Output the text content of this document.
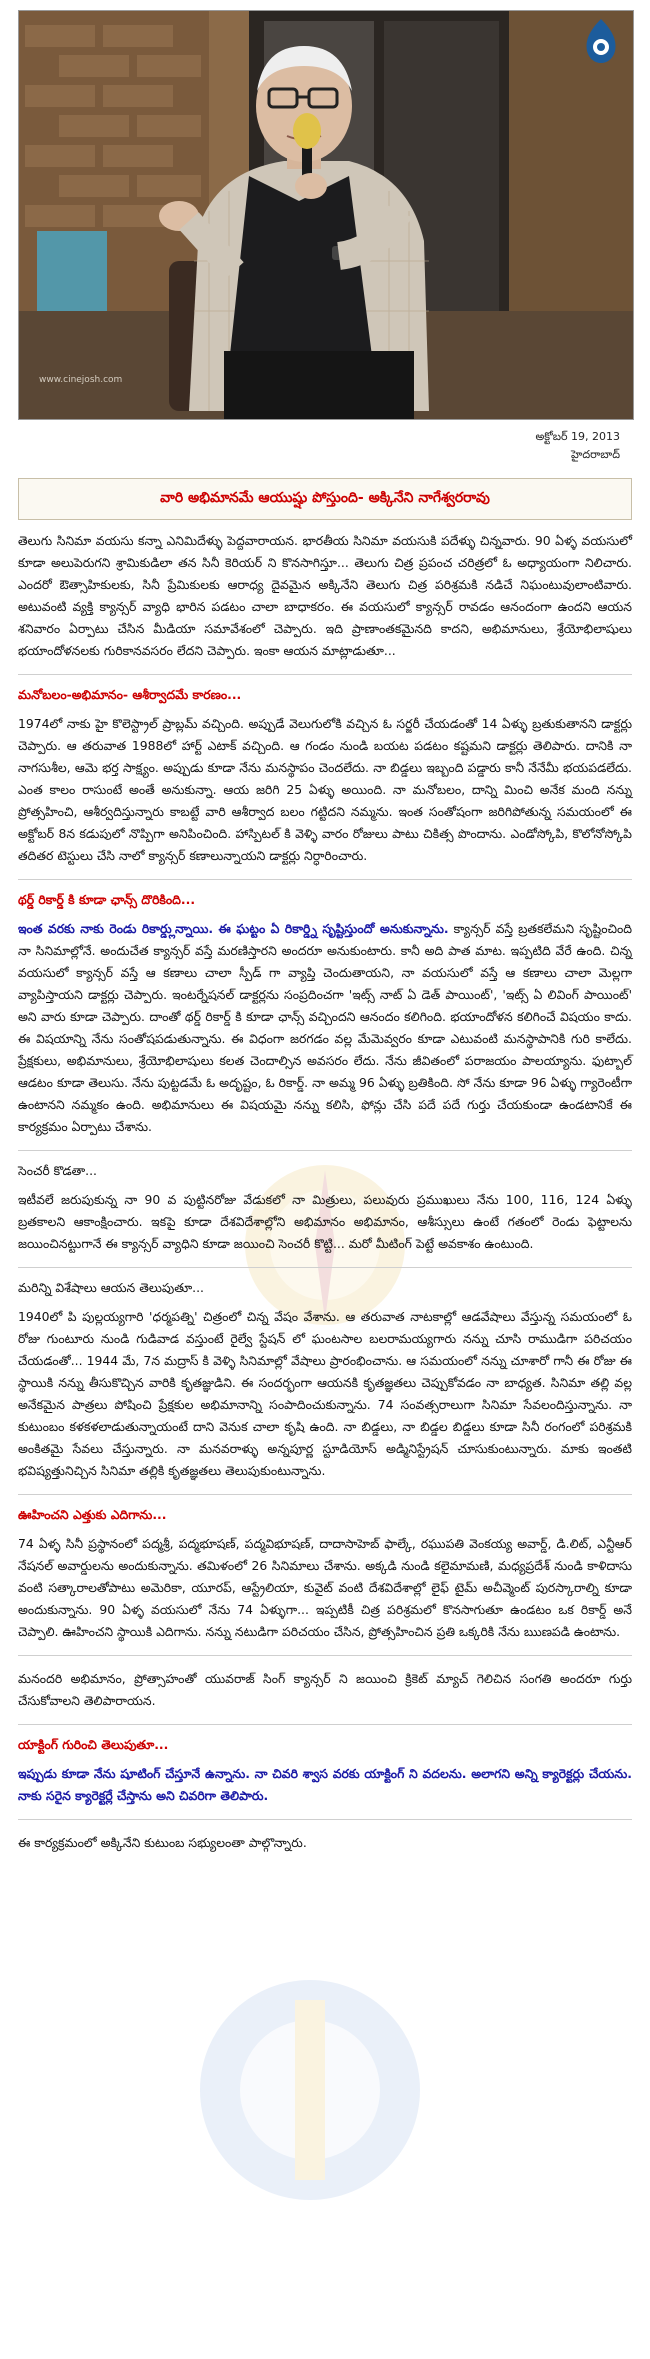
www.cinejosh.com
అక్టోబర్ 19, 2013
హైదరాబాద్
వారి అభిమానమే ఆయుష్షు పోస్తుంది- అక్కినేని నాగేశ్వరరావు

తెలుగు సినిమా వయసు కన్నా ఎనిమిదేళ్ళు పెద్దవారాయన. భారతీయ సినిమా వయసుకి పదేళ్ళు చిన్నవారు. 90 ఏళ్ళ వయసులో కూడా అలుపెరుగని శ్రామికుడిలా తన సినీ కెరియర్ ని కొనసాగిస్తూ... తెలుగు చిత్ర ప్రపంచ చరిత్రలో ఓ అధ్యాయంగా నిలిచారు. ఎందరో ఔత్సాహికులకు, సినీ ప్రేమికులకు ఆరాధ్య దైవమైన అక్కినేని తెలుగు చిత్ర పరిశ్రమకి నడిచే నిఘంటువులాంటివారు. అటువంటి వ్యక్తి క్యాన్సర్ వ్యాధి భారిన పడటం చాలా బాధాకరం. ఈ వయసులో క్యాన్సర్ రావడం ఆనందంగా ఉందని ఆయన శనివారం ఏర్పాటు చేసిన మీడియా సమావేశంలో చెప్పారు. ఇది ప్రాణాంతకమైనది కాదని, అభిమానులు, శ్రేయోభిలాషులు భయాందోళనలకు గురికానవసరం లేదని చెప్పారు. ఇంకా ఆయన మాట్లాడుతూ...

మనోబలం-అభిమానం- ఆశీర్వాదమే కారణం...

1974లో నాకు హై కొలెస్ట్రాల్ ప్రాబ్లమ్ వచ్చింది. అప్పుడే వెలుగులోకి వచ్చిన ఓ సర్జరీ చేయడంతో 14 ఏళ్ళు బ్రతుకుతానని డాక్టర్లు చెప్పారు. ఆ తరువాత 1988లో హార్ట్ ఎటాక్ వచ్చింది. ఆ గండం నుండి బయట పడటం కష్టమని డాక్టర్లు తెలిపారు. దానికి నా నాగసుశీల, ఆమె భర్త సాక్ష్యం. అప్పుడు కూడా నేను మనస్థాపం చెందలేదు. నా బిడ్డలు ఇబ్బంది పడ్డారు కానీ నేనేమీ భయపడలేదు. ఎంత కాలం రాసుంటే అంతే అనుకున్నా. ఆయ జరిగి 25 ఏళ్ళు అయింది. నా మనోబలం, దాన్ని మించి అనేక మంది నన్ను ప్రోత్సహించి, ఆశీర్వదిస్తున్నారు కాబట్టే వారి ఆశీర్వాద బలం గట్టిదని నమ్మను. ఇంత సంతోషంగా జరిగిపోతున్న సమయంలో ఈ అక్టోబర్ 8న కడుపులో నొప్పిగా అనిపించింది. హాస్పిటల్ కి వెళ్ళి వారం రోజులు పాటు చికిత్స పొందాను. ఎండోస్కోపి, కొలోనోస్కోపి తదితర టెస్టులు చేసి నాలో క్యాన్సర్ కణాలున్నాయని డాక్టర్లు నిర్ధారించారు.

థర్డ్ రికార్డ్ కి కూడా ఛాన్స్ దొరికింది...

ఇంత వరకు నాకు రెండు రికార్డ్లున్నాయి. ఈ ఘట్టం ఏ రికార్డ్ని సృష్టిస్తుందో అనుకున్నాను. క్యాన్సర్ వస్తే బ్రతకలేమని సృష్టించింది నా సినిమాల్లోనే. అందుచేత క్యాన్సర్ వస్తే మరణిస్తారని అందరూ అనుకుంటారు. కానీ అది పాత మాట. ఇప్పటిది వేరే ఉంది. చిన్న వయసులో క్యాన్సర్ వస్తే ఆ కణాలు చాలా స్పీడ్ గా వ్యాప్తి చెందుతాయని, నా వయసులో వస్తే ఆ కణాలు చాలా మెల్లగా వ్యాపిస్తాయని డాక్టర్లు చెప్పారు. ఇంటర్నేషనల్ డాక్టర్లను సంప్రదించగా 'ఇట్స్ నాట్ ఏ డెత్ పాయింట్', 'ఇట్స్ ఏ లివింగ్ పాయింట్' అని వారు కూడా చెప్పారు. దాంతో థర్డ్ రికార్డ్ కి కూడా ఛాన్స్ వచ్చిందని ఆనందం కలిగింది. భయాందోళన కలిగించే విషయం కాదు. ఈ విషయాన్ని నేను సంతోషపడుతున్నాను. ఈ విధంగా జరగడం వల్ల మేమెవ్వరం కూడా ఎటువంటి మనస్థాపానికి గురి కాలేదు. ప్రేక్షకులు, అభిమానులు, శ్రేయోభిలాషులు కలత చెందాల్సిన అవసరం లేదు. నేను జీవితంలో పరాజయం పాలయ్యాను. ఫుట్బాల్ ఆడటం కూడా తెలుసు. నేను పుట్టడమే ఓ అదృష్టం, ఓ రికార్డ్. నా అమ్మ 96 ఏళ్ళు బ్రతికింది. సో నేను కూడా 96 ఏళ్ళు గ్యారెంటీగా ఉంటానని నమ్మకం ఉంది. అభిమానులు ఈ విషయమై నన్ను కలిసి, ఫోన్లు చేసి పదే పదే గుర్తు చేయకుండా ఉండటానికే ఈ కార్యక్రమం ఏర్పాటు చేశాను.

సెంచరీ కొడతా...

ఇటీవలే జరుపుకున్న నా 90 వ పుట్టినరోజు వేడుకలో నా మిత్రులు, పలువురు ప్రముఖులు నేను 100, 116, 124 ఏళ్ళు బ్రతకాలని ఆకాంక్షించారు. ఇకపై కూడా దేశవిదేశాల్లోని అభిమానం అభిమానం, ఆశీస్సులు ఉంటే గతంలో రెండు ఫెట్టాలను జయించినట్టుగానే ఈ క్యాన్సర్ వ్యాధిని కూడా జయించి సెంచరీ కొట్టి... మరో మీటింగ్ పెట్టే అవకాశం ఉంటుంది.

మరిన్ని విశేషాలు ఆయన తెలుపుతూ...

1940లో పి పుల్లయ్యగారి 'ధర్మపత్ని' చిత్రంలో చిన్న వేషం వేశాను. ఆ తరువాత నాటకాల్లో ఆడవేషాలు వేస్తున్న సమయంలో ఓ రోజు గుంటూరు నుండి గుడివాడ వస్తుంటే రైల్వే స్టేషన్ లో ఘంటసాల బలరామయ్యగారు నన్ను చూసి రాముడిగా పరిచయం చేయడంతో... 1944 మే, 7న మద్రాస్ కి వెళ్ళి సినిమాల్లో వేషాలు ప్రారంభించాను. ఆ సమయంలో నన్ను చూశారో గానీ ఈ రోజు ఈ స్థాయికి నన్ను తీసుకొచ్చిన వారికి కృతజ్ఞుడిని. ఈ సందర్భంగా ఆయనకి కృతజ్ఞతలు చెప్పుకోవడం నా బాధ్యత. సినిమా తల్లి వల్ల అనేకమైన పాత్రలు పోషించి ప్రేక్షకుల అభిమానాన్ని సంపాదించుకున్నాను. 74 సంవత్సరాలుగా సినిమా సేవలందిస్తున్నాను. నా కుటుంబం కళకళలాడుతున్నాయంటే దాని వెనుక చాలా కృషి ఉంది. నా బిడ్డలు, నా బిడ్డల బిడ్డలు కూడా సినీ రంగంలో పరిశ్రమకి అంకితమై సేవలు చేస్తున్నారు. నా మనవరాళ్ళు అన్నపూర్ణ స్టూడియోస్ అడ్మినిస్ట్రేషన్ చూసుకుంటున్నారు. మాకు ఇంతటి భవిష్యత్తునిచ్చిన సినిమా తల్లికి కృతజ్ఞతలు తెలుపుకుంటున్నాను.

ఊహించని ఎత్తుకు ఎదిగాను...

74 ఏళ్ళ సినీ ప్రస్థానంలో పద్మశ్రీ, పద్మభూషణ్, పద్మవిభూషణ్, దాదాసాహెబ్ ఫాల్కే, రఘుపతి వెంకయ్య అవార్డ్, డి.లిట్, ఎన్టీఆర్ నేషనల్ అవార్డులను అందుకున్నాను. తమిళంలో 26 సినిమాలు చేశాను. అక్కడి నుండి కలైమామణి, మధ్యప్రదేశ్ నుండి కాళిదాసు వంటి సత్కారాలతోపాటు అమెరికా, యూరప్, ఆస్ట్రేలియా, కువైట్ వంటి దేశవిదేశాల్లో లైఫ్ టైమ్ అచీవ్మెంట్ పురస్కారాల్ని కూడా అందుకున్నాను. 90 ఏళ్ళ వయసులో నేను 74 ఏళ్ళుగా... ఇప్పటికీ చిత్ర పరిశ్రమలో కొనసాగుతూ ఉండటం ఒక రికార్డ్ అనే చెప్పాలి. ఊహించని స్థాయికి ఎదిగాను. నన్ను నటుడిగా పరిచయం చేసిన, ప్రోత్సహించిన ప్రతి ఒక్కరికి నేను ఋణపడి ఉంటాను.

మనందరి అభిమానం, ప్రోత్సాహంతో యువరాజ్ సింగ్ క్యాన్సర్ ని జయించి క్రికెట్ మ్యాచ్ గెలిచిన సంగతి అందరూ గుర్తు చేసుకోవాలని తెలిపారాయన.

యాక్టింగ్ గురించి తెలుపుతూ...

ఇప్పుడు కూడా నేను షూటింగ్ చేస్తూనే ఉన్నాను. నా చివరి శ్వాస వరకు యాక్టింగ్ ని వదలను. అలాగని అన్ని క్యారెక్టర్లు చేయను. నాకు సరైన క్యారెక్టర్లే చేస్తాను అని చివరిగా తెలిపారు.

ఈ కార్యక్రమంలో అక్కినేని కుటుంబ సభ్యులంతా పాల్గొన్నారు.
